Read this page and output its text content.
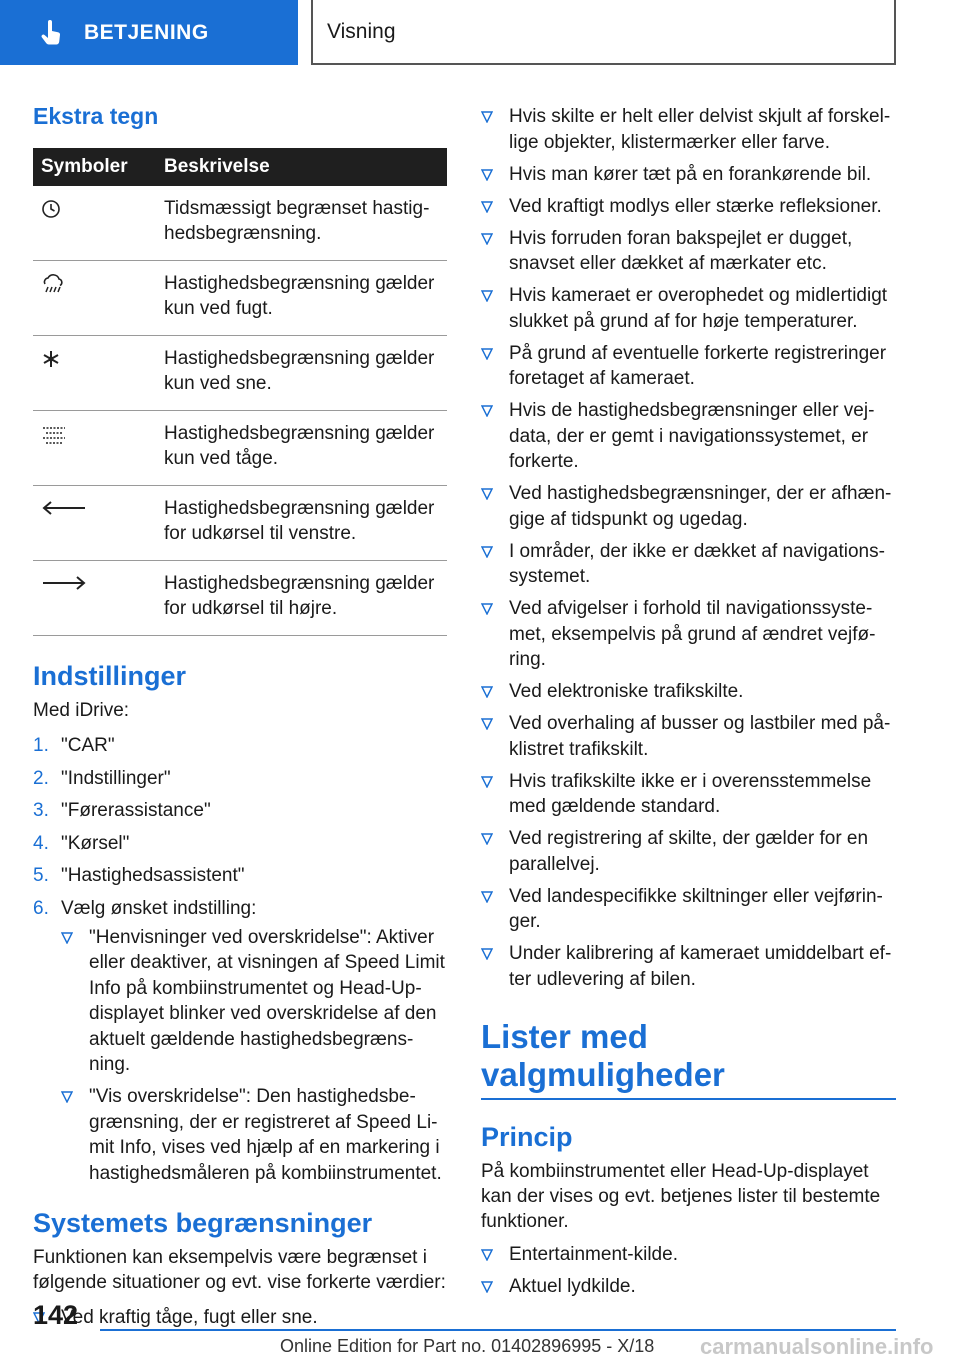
BETJENING	Visning
Ekstra tegn
Symboler	Beskrivelse

	Tidsmæssigt begrænset hastig-hedsbegrænsning.

	Hastighedsbegrænsning gælder kun ved fugt.

	Hastighedsbegrænsning gælder kun ved sne.

	Hastighedsbegrænsning gælder kun ved tåge.

	Hastighedsbegrænsning gælder for udkørsel til venstre.

	Hastighedsbegrænsning gælder for udkørsel til højre.
Indstillinger

Med iDrive:

1. "CAR"
2. "Indstillinger"
3. "Førerassistance"
4. "Kørsel"
5. "Hastighedsassistent"
6. Vælg ønsket indstilling:
"Henvisninger ved overskridelse": Aktiver eller deaktiver, at visningen af Speed Limit Info på kombiinstrumentet og Head-Up-displayet blinker ved overskridelse af den aktuelt gældende hastighedsbegræns-ning.
"Vis overskridelse": Den hastighedsbe-grænsning, der er registreret af Speed Li-mit Info, vises ved hjælp af en markering i hastighedsmåleren på kombiinstrumentet.
Systemets begrænsninger

Funktionen kan eksempelvis være begrænset i følgende situationer og evt. vise forkerte værdier:

Ved kraftig tåge, fugt eller sne.
Hvis skilte er helt eller delvist skjult af forskel-lige objekter, klistermærker eller farve.
Hvis man kører tæt på en forankørende bil.
Ved kraftigt modlys eller stærke refleksioner.
Hvis forruden foran bakspejlet er dugget, snavset eller dækket af mærkater etc.
Hvis kameraet er overophedet og midlertidigt slukket på grund af for høje temperaturer.
På grund af eventuelle forkerte registreringer foretaget af kameraet.
Hvis de hastighedsbegrænsninger eller vej-data, der er gemt i navigationssystemet, er forkerte.
Ved hastighedsbegrænsninger, der er afhæn-gige af tidspunkt og ugedag.
I områder, der ikke er dækket af navigations-systemet.
Ved afvigelser i forhold til navigationssyste-met, eksempelvis på grund af ændret vejfø-ring.
Ved elektroniske trafikskilte.
Ved overhaling af busser og lastbiler med på-klistret trafikskilt.
Hvis trafikskilte ikke er i overensstemmelse med gældende standard.
Ved registrering af skilte, der gælder for en parallelvej.
Ved landespecifikke skiltninger eller vejførin-ger.
Under kalibrering af kameraet umiddelbart ef-ter udlevering af bilen.
Lister med valgmuligheder
Princip

På kombiinstrumentet eller Head-Up-displayet kan der vises og evt. betjenes lister til bestemte funktioner.

Entertainment-kilde.
Aktuel lydkilde.
142
Online Edition for Part no. 01402896995 - X/18 carmanualsonline.info
